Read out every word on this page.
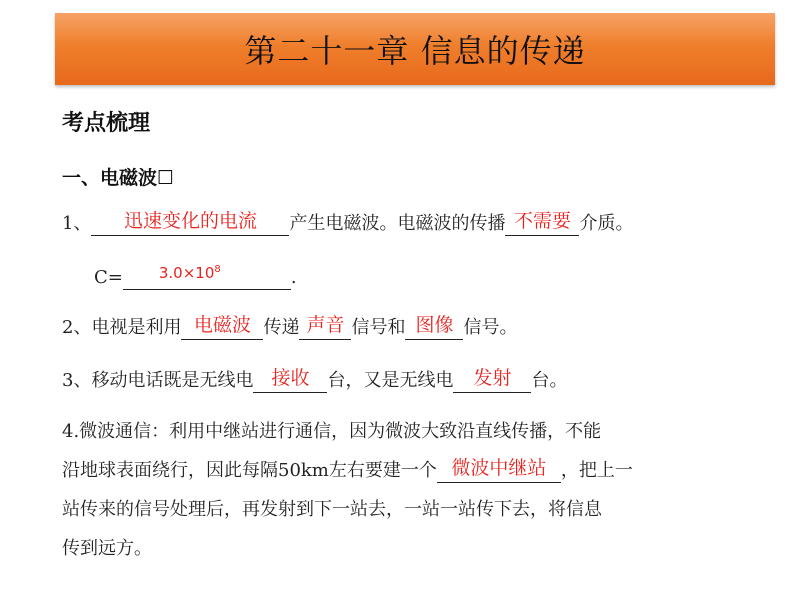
第二十一章 信息的传递
考点梳理
一、电磁波☐
1、	迅速变化的电流	产生电磁波。电磁波的传播 不需要 介质。
$C= 3.0\times 10^8$	.
2、电视是利用 电磁波 传递 声音 信号和 图像 信号。
3、移动电话既是无线电 接收	台，又是无线电	发射	台。
4.微波通信：利用中继站进行通信，因为微波大致沿直线传播，不能
沿地球表面绕行，因此每隔50km左右要建一个 微波中继站 ，把上一
站传来的信号处理后，再发射到下一站去，一站一站传下去，将信息
传到远方。
